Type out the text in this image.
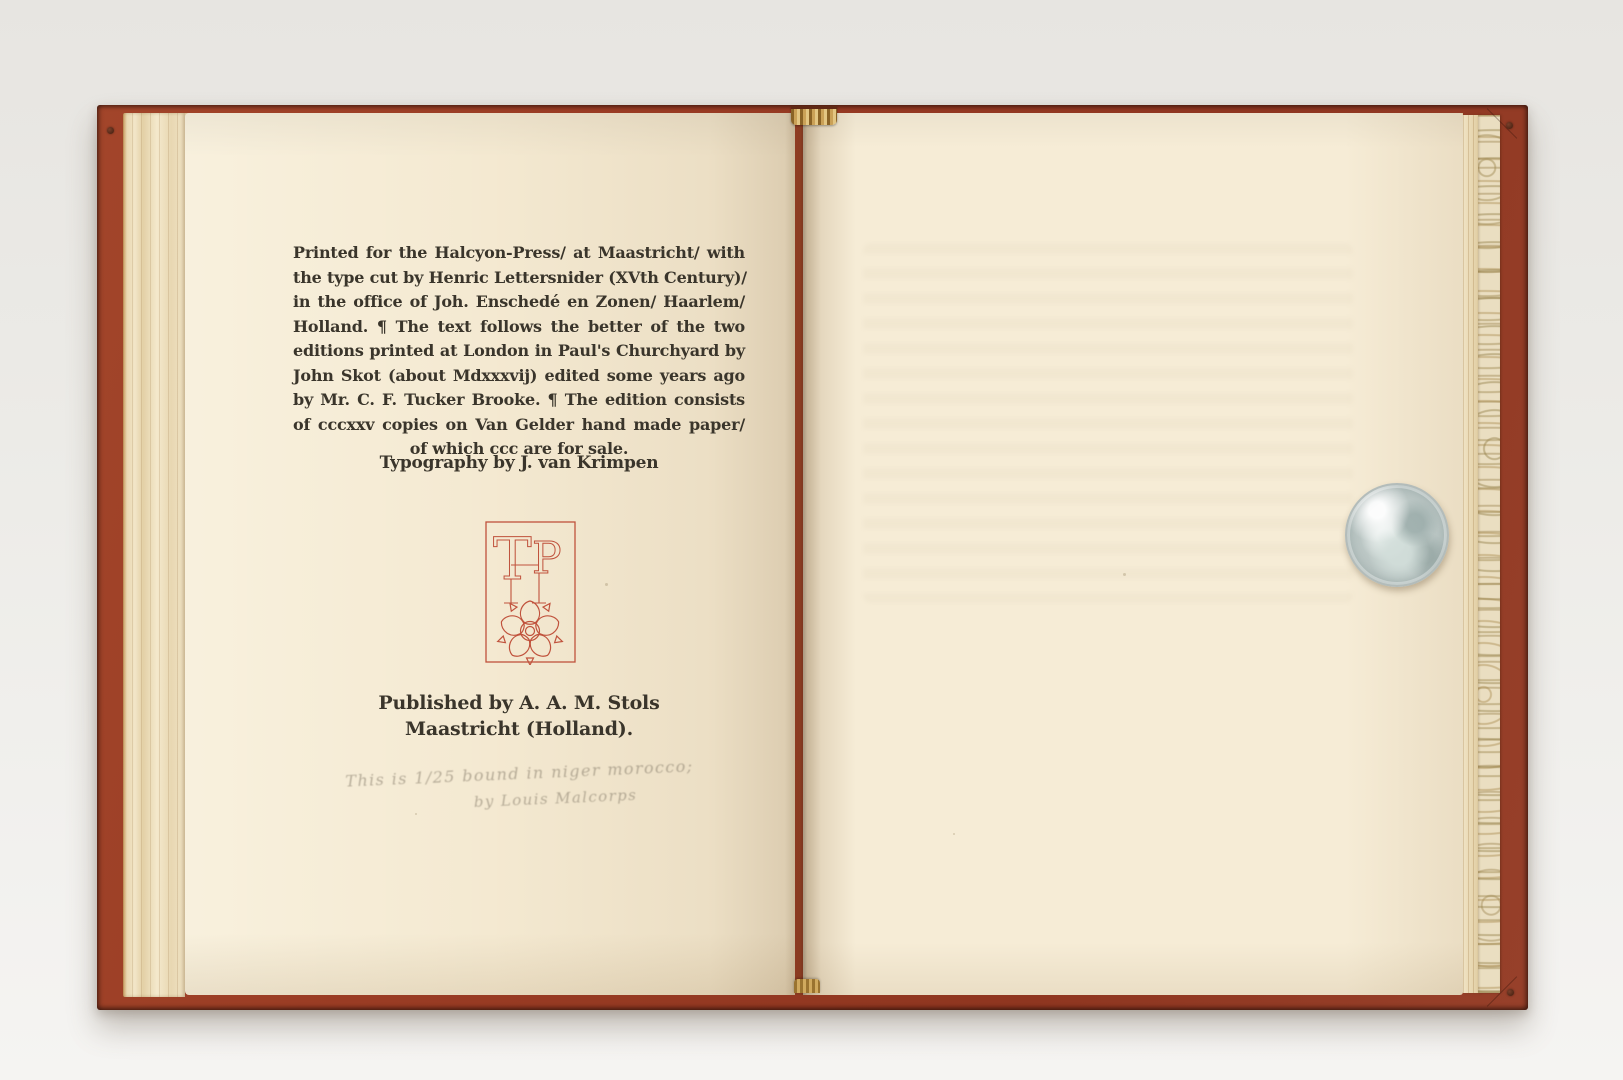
Printed for the Halcyon-Press/ at Maastricht/ with
the type cut by Henric Lettersnider (XVth Century)/
in the office of Joh. Enschedé en Zonen/ Haarlem/
Holland. ¶ The text follows the better of the two
editions printed at London in Paul's Churchyard by
John Skot (about Mdxxxvij) edited some years ago
by Mr. C. F. Tucker Brooke. ¶ The edition consists
of cccxxv copies on Van Gelder hand made paper/
of which ccc are for sale.
Typography by J. van Krimpen
T P
Published by A. A. M. Stols
Maastricht (Holland).
This is 1/25 bound in niger morocco;
by Louis Malcorps
